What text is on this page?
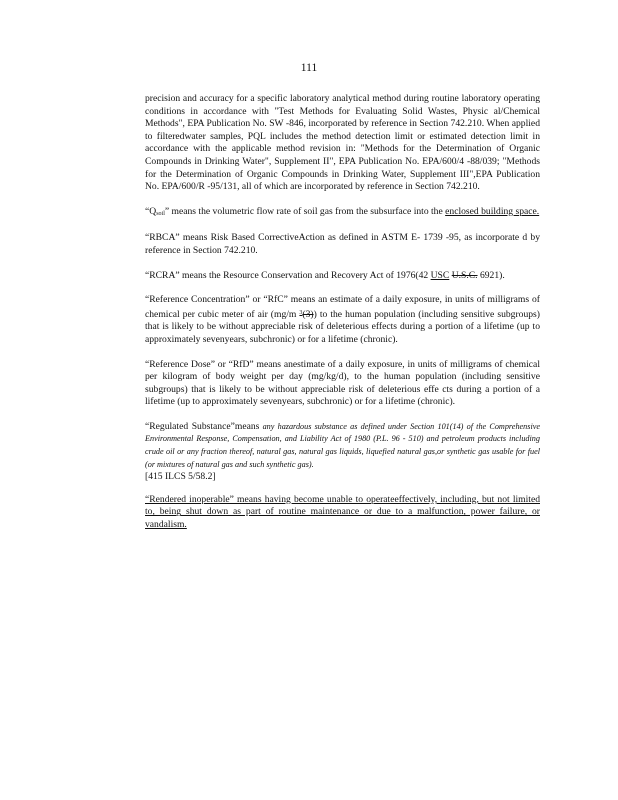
111

precision and accuracy for a specific laboratory analytical method during routine laboratory operating conditions in accordance with "Test Methods for Evaluating Solid Wastes, Physic al/Chemical Methods", EPA Publication No. SW -846, incorporated by reference in Section 742.210. When applied to filteredwater samples, PQL includes the method detection limit or estimated detection limit in accordance with the applicable method revision in: "Methods for the Determination of Organic Compounds in Drinking Water", Supplement II", EPA Publication No. EPA/600/4 -88/039; "Methods for the Determination of Organic Compounds in Drinking Water, Supplement III",EPA Publication No. EPA/600/R -95/131, all of which are incorporated by reference in Section 742.210.

“Qsoil” means the volumetric flow rate of soil gas from the subsurface into the enclosed building space.

“RBCA” means Risk Based CorrectiveAction as defined in ASTM E- 1739 -95, as incorporate d by reference in Section 742.210.

“RCRA” means the Resource Conservation and Recovery Act of 1976(42 USC U.S.C. 6921).

“Reference Concentration” or “RfC” means an estimate of a daily exposure, in units of milligrams of chemical per cubic meter of air (mg/m $^3$(3)) to the human population (including sensitive subgroups) that is likely to be without appreciable risk of deleterious effects during a portion of a lifetime (up to approximately sevenyears, subchronic) or for a lifetime (chronic).

“Reference Dose” or “RfD” means anestimate of a daily exposure, in units of milligrams of chemical per kilogram of body weight per day (mg/kg/d), to the human population (including sensitive subgroups) that is likely to be without appreciable risk of deleterious effe cts during a portion of a lifetime (up to approximately sevenyears, subchronic) or for a lifetime (chronic).

“Regulated Substance”means any hazardous substance as defined under Section 101(14) of the Comprehensive Environmental Response, Compensation, and Liability Act of 1980 (P.L. 96 - 510) and petroleum products including crude oil or any fraction thereof, natural gas, natural gas liquids, liquefied natural gas,or synthetic gas usable for fuel (or mixtures of natural gas and such synthetic gas).
[415 ILCS 5/58.2]

“Rendered inoperable” means having become unable to operateeffectively, including, but not limited to, being shut down as part of routine maintenance or due to a malfunction, power failure, or vandalism.
